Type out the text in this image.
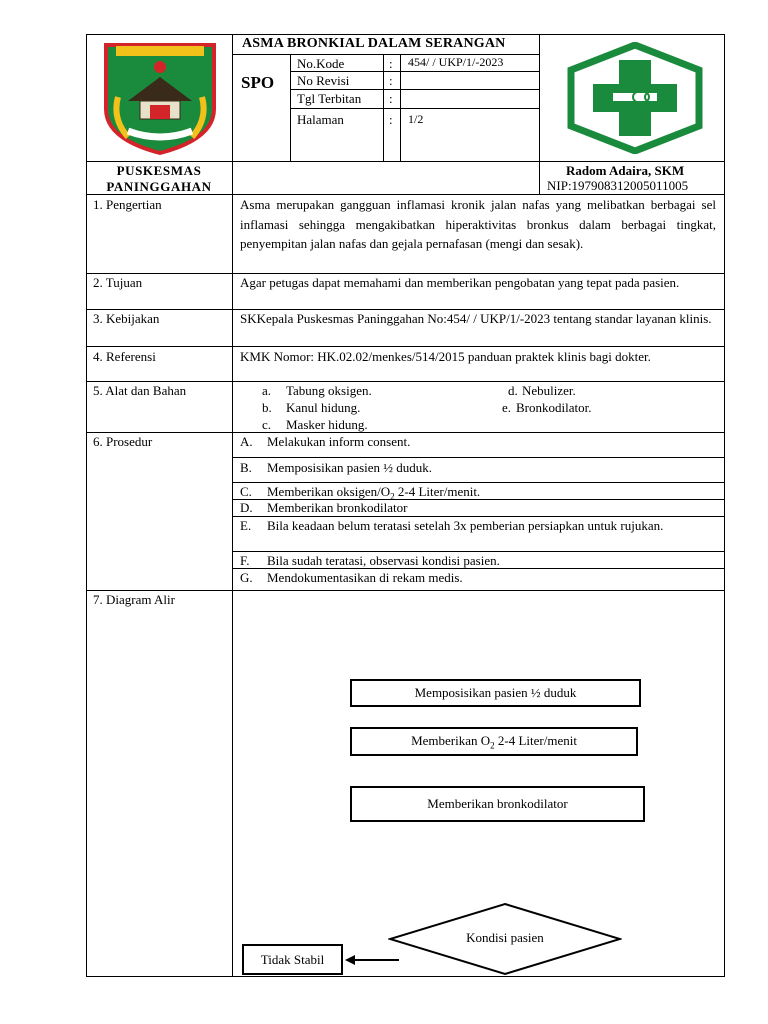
ASMA BRONKIAL DALAM SERANGAN
SPO
No.Kode	: 454/ / UKP/1/-2023
No Revisi	:
Tgl Terbitan :
Halaman	: 1/2
PUSKESMAS
PANINGGAHAN
Radom Adaira, SKM
NIP:197908312005011005
1. Pengertian	Asma merupakan gangguan inflamasi kronik jalan nafas yang melibatkan berbagai sel inflamasi sehingga mengakibatkan hiperaktivitas bronkus dalam berbagai tingkat, penyempitan jalan nafas dan gejala pernafasan (mengi dan sesak).
2. Tujuan	Agar petugas dapat memahami dan memberikan pengobatan yang tepat pada pasien.
3. Kebijakan	SKKepala Puskesmas Paninggahan No:454/ / UKP/1/-2023 tentang standar layanan klinis.
4. Referensi	KMK Nomor: HK.02.02/menkes/514/2015 panduan praktek klinis bagi dokter.
5. Alat dan Bahan	a. Tabung oksigen.
b. Kanul hidung.
c. Masker hidung.
d. Nebulizer.
e. Bronkodilator.
6. Prosedur	A. Melakukan inform consent.
B. Memposisikan pasien ½ duduk.
C. Memberikan oksigen/$O_2$ 2-4 Liter/menit.
D. Memberikan bronkodilator
E. Bila keadaan belum teratasi setelah 3x pemberian persiapkan untuk rujukan.
F. Bila sudah teratasi, observasi kondisi pasien.
G. Mendokumentasikan di rekam medis.
7. Diagram Alir
Memposisikan pasien ½ duduk
Memberikan $O_2$ 2-4 Liter/menit
Memberikan bronkodilator
Kondisi pasien
Tidak Stabil
